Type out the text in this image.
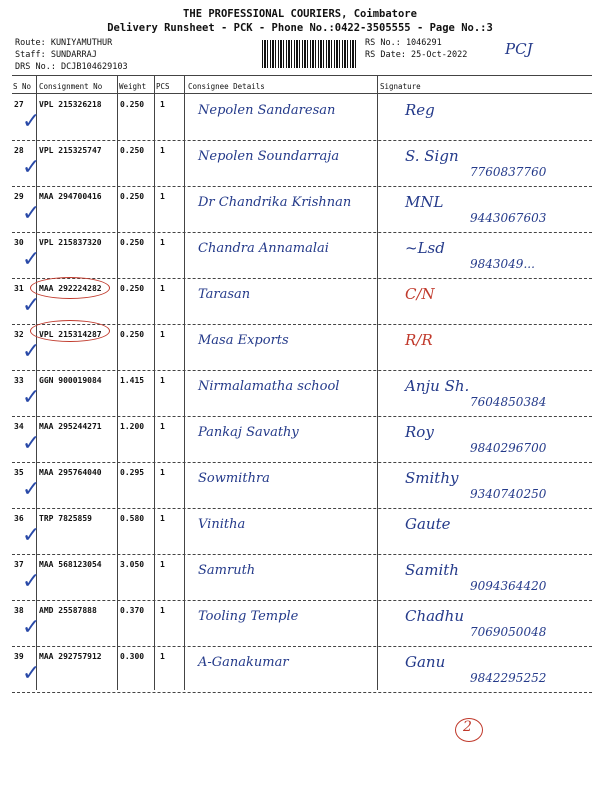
THE PROFESSIONAL COURIERS, Coimbatore
Delivery Runsheet - PCK - Phone No.:0422-3505555 - Page No.:3
Route: KUNIYAMUTHUR
Staff: SUNDARRAJ
DRS No.: DCJB104629103
RS No.: 1046291
RS Date: 25-Oct-2022	PCJ
S No Consignment No Weight PCS Consignee Details	Signature
27 VPL 215326218 0.250 1	Nepolen Sandaresan	Reg
✓
28 VPL 215325747 0.250 1	Nepolen Soundarraja	S. Sign
7760837760
✓
29 MAA 294700416 0.250 1	Dr Chandrika Krishnan	MNL
9443067603
✓
30 VPL 215837320 0.250 1	Chandra Annamalai	~Lsd
9843049...
✓
31 MAA 292224282 0.250 1	Tarasan	C/N
✓
32 VPL 215314287 0.250 1	Masa Exports	R/R
✓
33 GGN 900019084 1.415 1	Nirmalamatha school	Anju Sh.
7604850384
✓
34 MAA 295244271 1.200 1	Pankaj Savathy	Roy
9840296700
✓
35 MAA 295764040 0.295 1	Sowmithra	Smithy
9340740250
✓
36 TRP 7825859	0.580 1	Vinitha	Gaute
✓
37 MAA 568123054 3.050 1	Samruth	Samith
9094364420
✓
38 AMD 25587888	0.370 1	Tooling Temple	Chadhu
7069050048
✓
39 MAA 292757912 0.300 1	A-Ganakumar	Ganu
9842295252
✓
2
